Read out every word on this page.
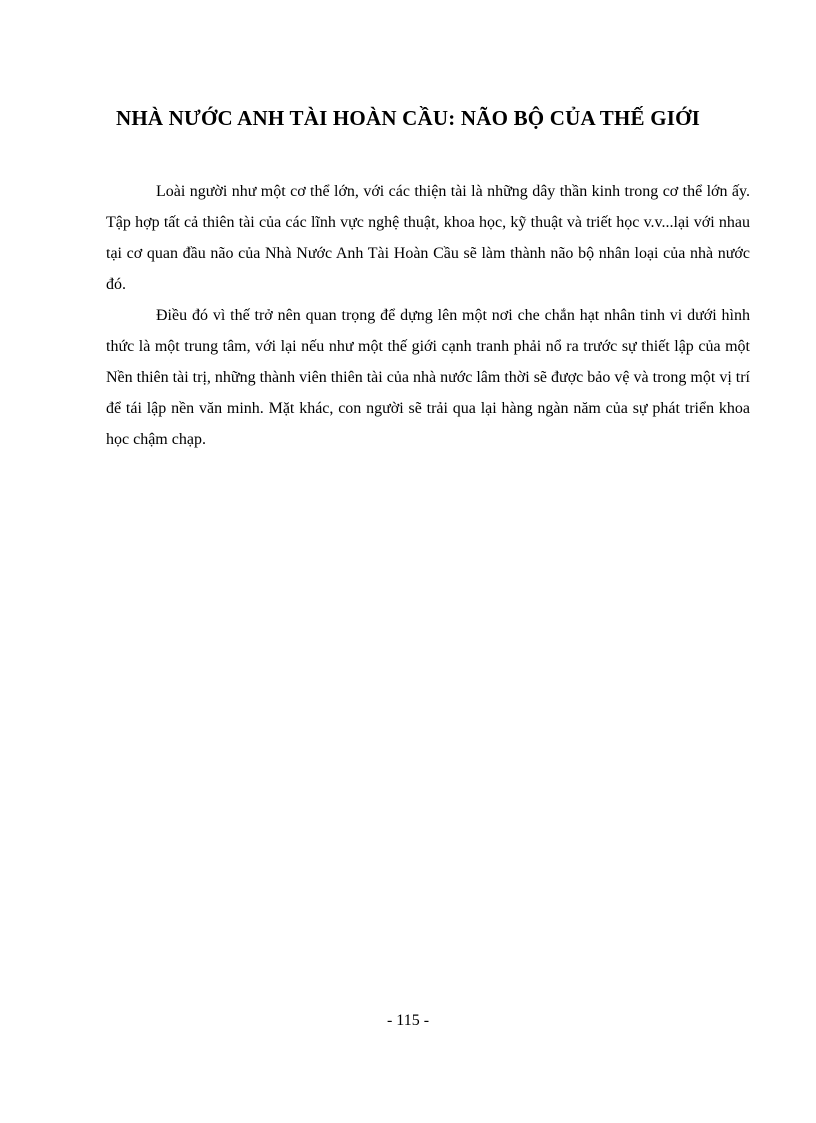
NHÀ NƯỚC ANH TÀI HOÀN CẦU: NÃO BỘ CỦA THẾ GIỚI

Loài người như một cơ thể lớn, với các thiện tài là những dây thần kinh trong cơ thể lớn ấy. Tập hợp tất cả thiên tài của các lĩnh vực nghệ thuật, khoa học, kỹ thuật và triết học v.v...lại với nhau tại cơ quan đầu não của Nhà Nước Anh Tài Hoàn Cầu sẽ làm thành não bộ nhân loại của nhà nước đó.

Điều đó vì thế trở nên quan trọng để dựng lên một nơi che chắn hạt nhân tinh vi dưới hình thức là một trung tâm, với lại nếu như một thế giới cạnh tranh phải nổ ra trước sự thiết lập của một Nền thiên tài trị, những thành viên thiên tài của nhà nước lâm thời sẽ được bảo vệ và trong một vị trí để tái lập nền văn minh. Mặt khác, con người sẽ trải qua lại hàng ngàn năm của sự phát triển khoa học chậm chạp.

- 115 -
